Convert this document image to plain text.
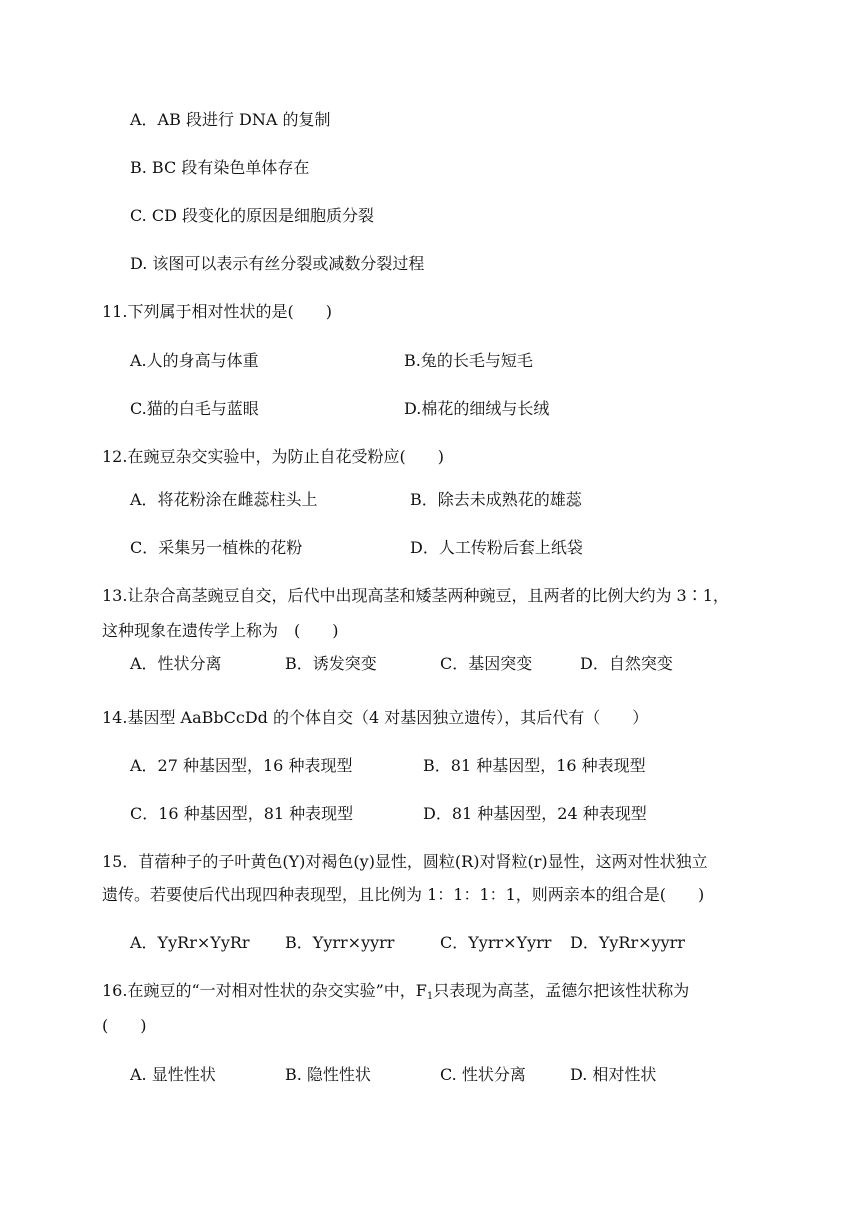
A．AB 段进行 DNA 的复制
B. BC 段有染色单体存在
C. CD 段变化的原因是细胞质分裂
D. 该图可以表示有丝分裂或减数分裂过程
11.下列属于相对性状的是(　　)
A.人的身高与体重	B.兔的长毛与短毛
C.猫的白毛与蓝眼	D.棉花的细绒与长绒
12.在豌豆杂交实验中，为防止自花受粉应(　　)
A．将花粉涂在雌蕊柱头上	B．除去未成熟花的雄蕊
C．采集另一植株的花粉	D．人工传粉后套上纸袋
13.让杂合高茎豌豆自交，后代中出现高茎和矮茎两种豌豆，且两者的比例大约为 3∶1，
这种现象在遗传学上称为　(　　)
A．性状分离	B．诱发突变	C．基因突变	D．自然突变
14.基因型 AaBbCcDd 的个体自交（4 对基因独立遗传），其后代有（　　）
A．27 种基因型，16 种表现型	B．81 种基因型，16 种表现型
C．16 种基因型，81 种表现型	D．81 种基因型，24 种表现型
15．苜蓿种子的子叶黄色(Y)对褐色(y)显性，圆粒(R)对肾粒(r)显性，这两对性状独立
遗传。若要使后代出现四种表现型，且比例为 1：1：1：1，则两亲本的组合是(　　)
A．YyRr×YyRr B．Yyrr×yyrr	C．Yyrr×Yyrr D．YyRr×yyrr
16.在豌豆的“一对相对性状的杂交实验”中，$F_1$只表现为高茎，孟德尔把该性状称为
(　　)
A. 显性性状	B. 隐性性状	C. 性状分离	D. 相对性状
